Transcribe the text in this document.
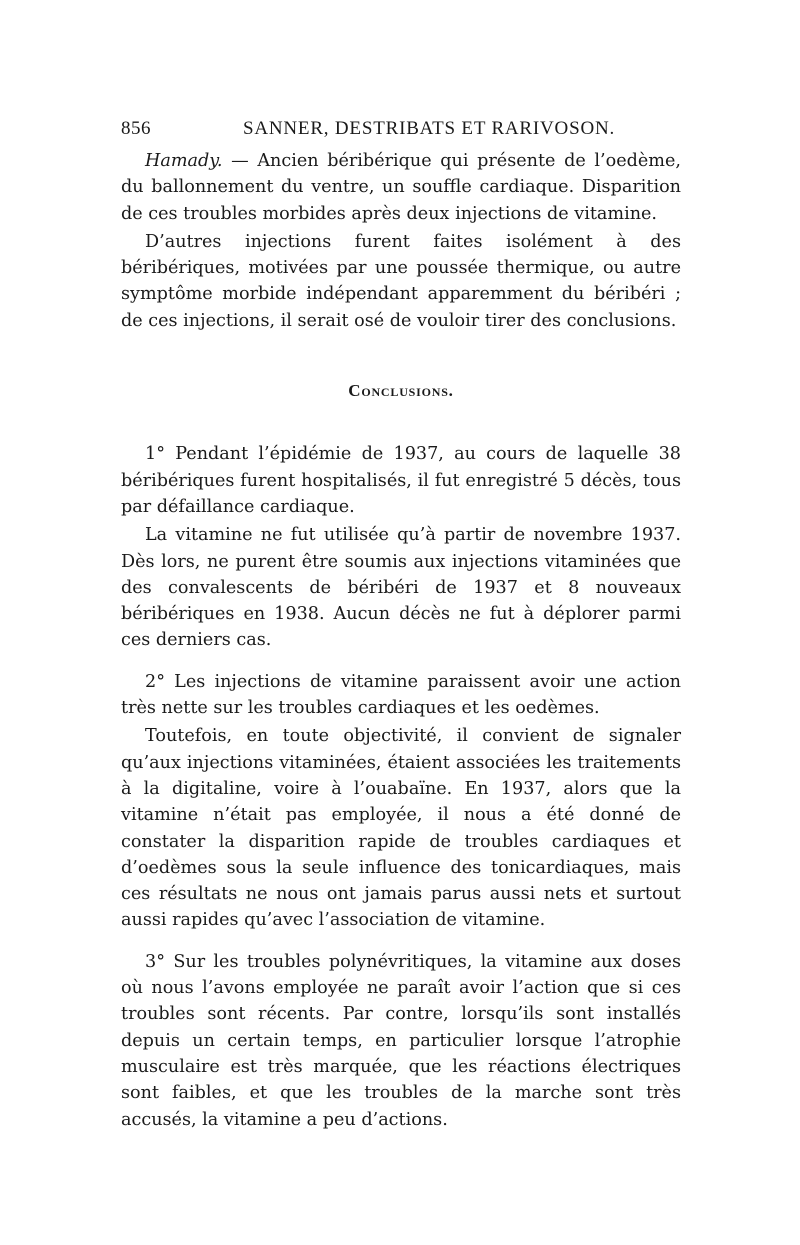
856	SANNER, DESTRIBATS ET RARIVOSON.

Hamady. — Ancien béribérique qui présente de l’oedème, du ballonnement du ventre, un souffle cardiaque. Disparition de ces troubles morbides après deux injections de vitamine.

D’autres injections furent faites isolément à des béribériques, motivées par une poussée thermique, ou autre symptôme morbide indépendant apparemment du béribéri ; de ces injections, il serait osé de vouloir tirer des conclusions.

Conclusions.

1° Pendant l’épidémie de 1937, au cours de laquelle 38 béribériques furent hospitalisés, il fut enregistré 5 décès, tous par défaillance cardiaque.

La vitamine ne fut utilisée qu’à partir de novembre 1937. Dès lors, ne purent être soumis aux injections vitaminées que des convalescents de béribéri de 1937 et 8 nouveaux béribériques en 1938. Aucun décès ne fut à déplorer parmi ces derniers cas.

2° Les injections de vitamine paraissent avoir une action très nette sur les troubles cardiaques et les oedèmes.

Toutefois, en toute objectivité, il convient de signaler qu’aux injections vitaminées, étaient associées les traitements à la digitaline, voire à l’ouabaïne. En 1937, alors que la vitamine n’était pas employée, il nous a été donné de constater la disparition rapide de troubles cardiaques et d’oedèmes sous la seule influence des tonicardiaques, mais ces résultats ne nous ont jamais parus aussi nets et surtout aussi rapides qu’avec l’association de vitamine.

3° Sur les troubles polynévritiques, la vitamine aux doses où nous l’avons employée ne paraît avoir l’action que si ces troubles sont récents. Par contre, lorsqu’ils sont installés depuis un certain temps, en particulier lorsque l’atrophie musculaire est très marquée, que les réactions électriques sont faibles, et que les troubles de la marche sont très accusés, la vitamine a peu d’actions.
